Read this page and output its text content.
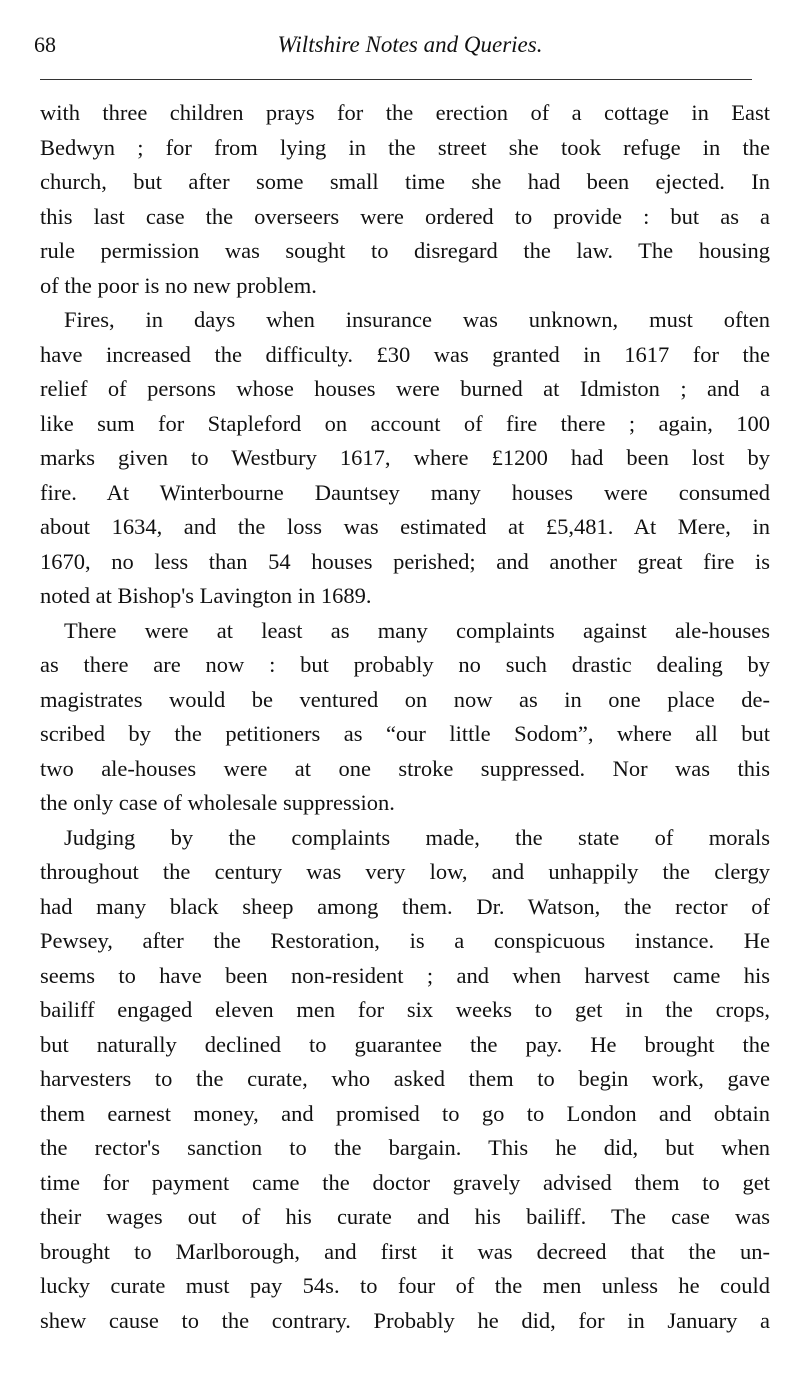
68	Wiltshire Notes and Queries.
with three children prays for the erection of a cottage in East
Bedwyn ; for from lying in the street she took refuge in the
church, but after some small time she had been ejected. In
this last case the overseers were ordered to provide : but as a
rule permission was sought to disregard the law. The housing
of the poor is no new problem.
Fires, in days when insurance was unknown, must often
have increased the difficulty. £30 was granted in 1617 for the
relief of persons whose houses were burned at Idmiston ; and a
like sum for Stapleford on account of fire there ; again, 100
marks given to Westbury 1617, where £1200 had been lost by
fire. At Winterbourne Dauntsey many houses were consumed
about 1634, and the loss was estimated at £5,481. At Mere, in
1670, no less than 54 houses perished; and another great fire is
noted at Bishop's Lavington in 1689.
There were at least as many complaints against ale-houses
as there are now : but probably no such drastic dealing by
magistrates would be ventured on now as in one place de-
scribed by the petitioners as “our little Sodom”, where all but
two ale-houses were at one stroke suppressed. Nor was this
the only case of wholesale suppression.
Judging by the complaints made, the state of morals
throughout the century was very low, and unhappily the clergy
had many black sheep among them. Dr. Watson, the rector of
Pewsey, after the Restoration, is a conspicuous instance. He
seems to have been non-resident ; and when harvest came his
bailiff engaged eleven men for six weeks to get in the crops,
but naturally declined to guarantee the pay. He brought the
harvesters to the curate, who asked them to begin work, gave
them earnest money, and promised to go to London and obtain
the rector's sanction to the bargain. This he did, but when
time for payment came the doctor gravely advised them to get
their wages out of his curate and his bailiff. The case was
brought to Marlborough, and first it was decreed that the un-
lucky curate must pay 54s. to four of the men unless he could
shew cause to the contrary. Probably he did, for in January a
